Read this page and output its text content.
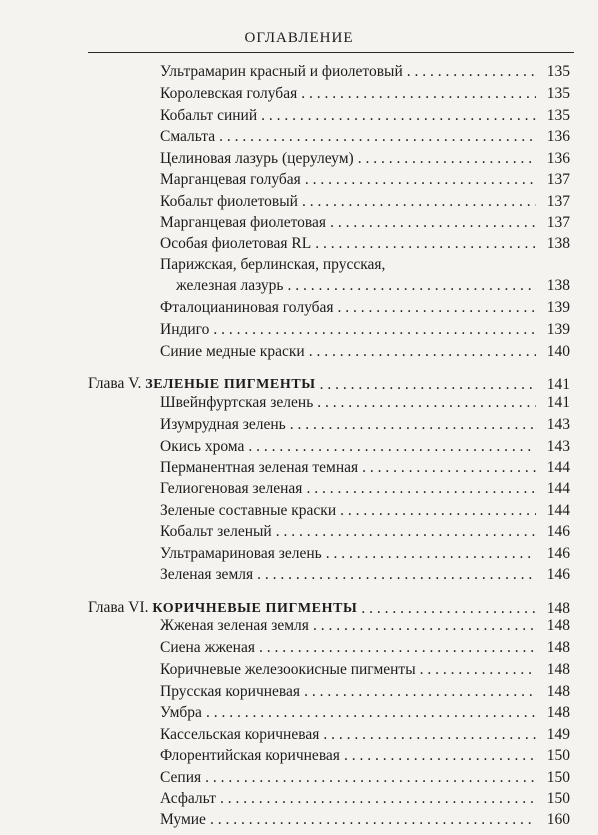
ОГЛАВЛЕНИЕ
Ультрамарин красный и фиолетовый . . .	135
Королевская голубая . . .	135
Кобальт синий . . .	135
Смальта . . .	136
Целиновая лазурь (церулеум) . . .	136
Марганцевая голубая . . .	137
Кобальт фиолетовый . . .	137
Марганцевая фиолетовая . . .	137
Особая фиолетовая RL . . .	138
Парижская, берлинская, прусская,
железная лазурь . . .	138
Фталоцианиновая голубая . . .	139
Индиго . . .	139
Синие медные краски . . .	140
Глава V. ЗЕЛЕНЫЕ ПИГМЕНТЫ . . .	141
Швейнфуртская зелень . . .	141
Изумрудная зелень . . .	143
Окись хрома . . .	143
Перманентная зеленая темная . . .	144
Гелиогеновая зеленая . . .	144
Зеленые составные краски . . .	144
Кобальт зеленый . . .	146
Ультрамариновая зелень . . .	146
Зеленая земля . . .	146
Глава VI. КОРИЧНЕВЫЕ ПИГМЕНТЫ . . .	148
Жженая зеленая земля . . .	148
Сиена жженая . . .	148
Коричневые железоокисные пигменты . . .	148
Прусская коричневая . . .	148
Умбра . . .	148
Кассельская коричневая . . .	149
Флорентийская коричневая . . .	150
Сепия . . .	150
Асфальт . . .	150
Мумие . . .	160
